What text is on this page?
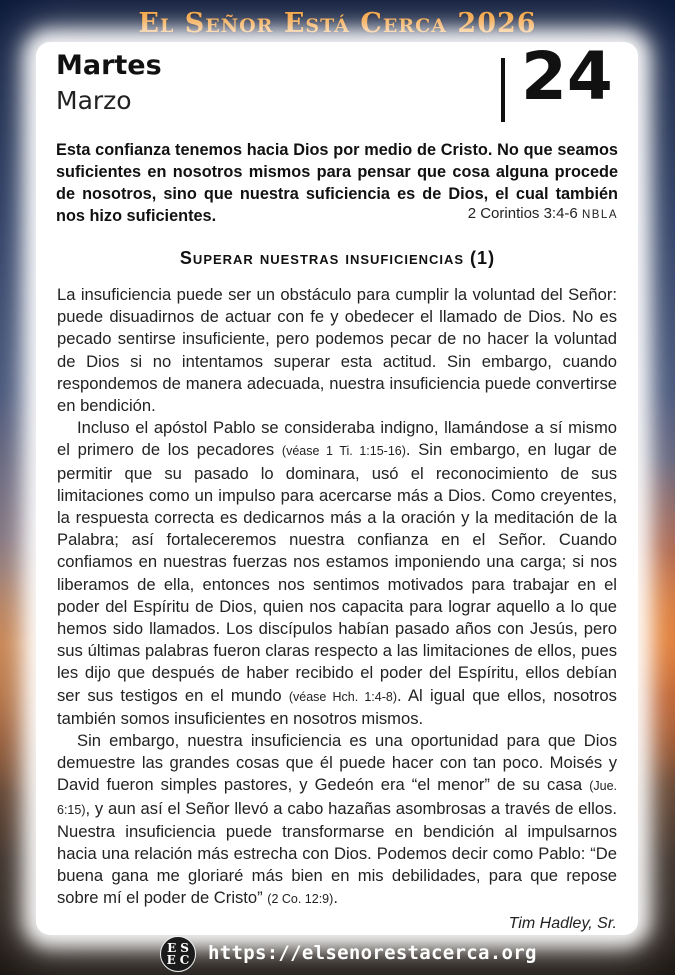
El Señor Está Cerca 2026
Martes
Marzo	24

Esta confianza tenemos hacia Dios por medio de Cristo. No que seamos suficientes en nosotros mismos para pensar que cosa alguna procede de nosotros, sino que nuestra suficiencia es de Dios, el cual también nos hizo suficientes.	2 Corintios 3:4-6 NBLA
Superar nuestras insuficiencias (1)

La insuficiencia puede ser un obstáculo para cumplir la voluntad del Señor: puede disuadirnos de actuar con fe y obedecer el llamado de Dios. No es pecado sentirse insuficiente, pero podemos pecar de no hacer la voluntad de Dios si no intentamos superar esta actitud. Sin embargo, cuando respondemos de manera adecuada, nuestra insuficiencia puede convertirse en bendición.

Incluso el apóstol Pablo se consideraba indigno, llamándose a sí mismo el primero de los pecadores (véase 1 Ti. 1:15-16). Sin embargo, en lugar de permitir que su pasado lo dominara, usó el reconocimiento de sus limitaciones como un impulso para acercarse más a Dios. Como creyentes, la respuesta correcta es dedicarnos más a la oración y la meditación de la Palabra; así fortaleceremos nuestra confianza en el Señor. Cuando confiamos en nuestras fuerzas nos estamos imponiendo una carga; si nos liberamos de ella, entonces nos sentimos motivados para trabajar en el poder del Espíritu de Dios, quien nos capacita para lograr aquello a lo que hemos sido llamados. Los discípulos habían pasado años con Jesús, pero sus últimas palabras fueron claras respecto a las limitaciones de ellos, pues les dijo que después de haber recibido el poder del Espíritu, ellos debían ser sus testigos en el mundo (véase Hch. 1:4-8). Al igual que ellos, nosotros también somos insuficientes en nosotros mismos.

Sin embargo, nuestra insuficiencia es una oportunidad para que Dios demuestre las grandes cosas que él puede hacer con tan poco. Moisés y David fueron simples pastores, y Gedeón era “el menor” de su casa (Jue. 6:15), y aun así el Señor llevó a cabo hazañas asombrosas a través de ellos. Nuestra insuficiencia puede transformarse en bendición al impulsarnos hacia una relación más estrecha con Dios. Podemos decir como Pablo: “De buena gana me gloriaré más bien en mis debilidades, para que repose sobre mí el poder de Cristo” (2 Co. 12:9).

Tim Hadley, Sr.
E S
E C https://elsenorestacerca.org
